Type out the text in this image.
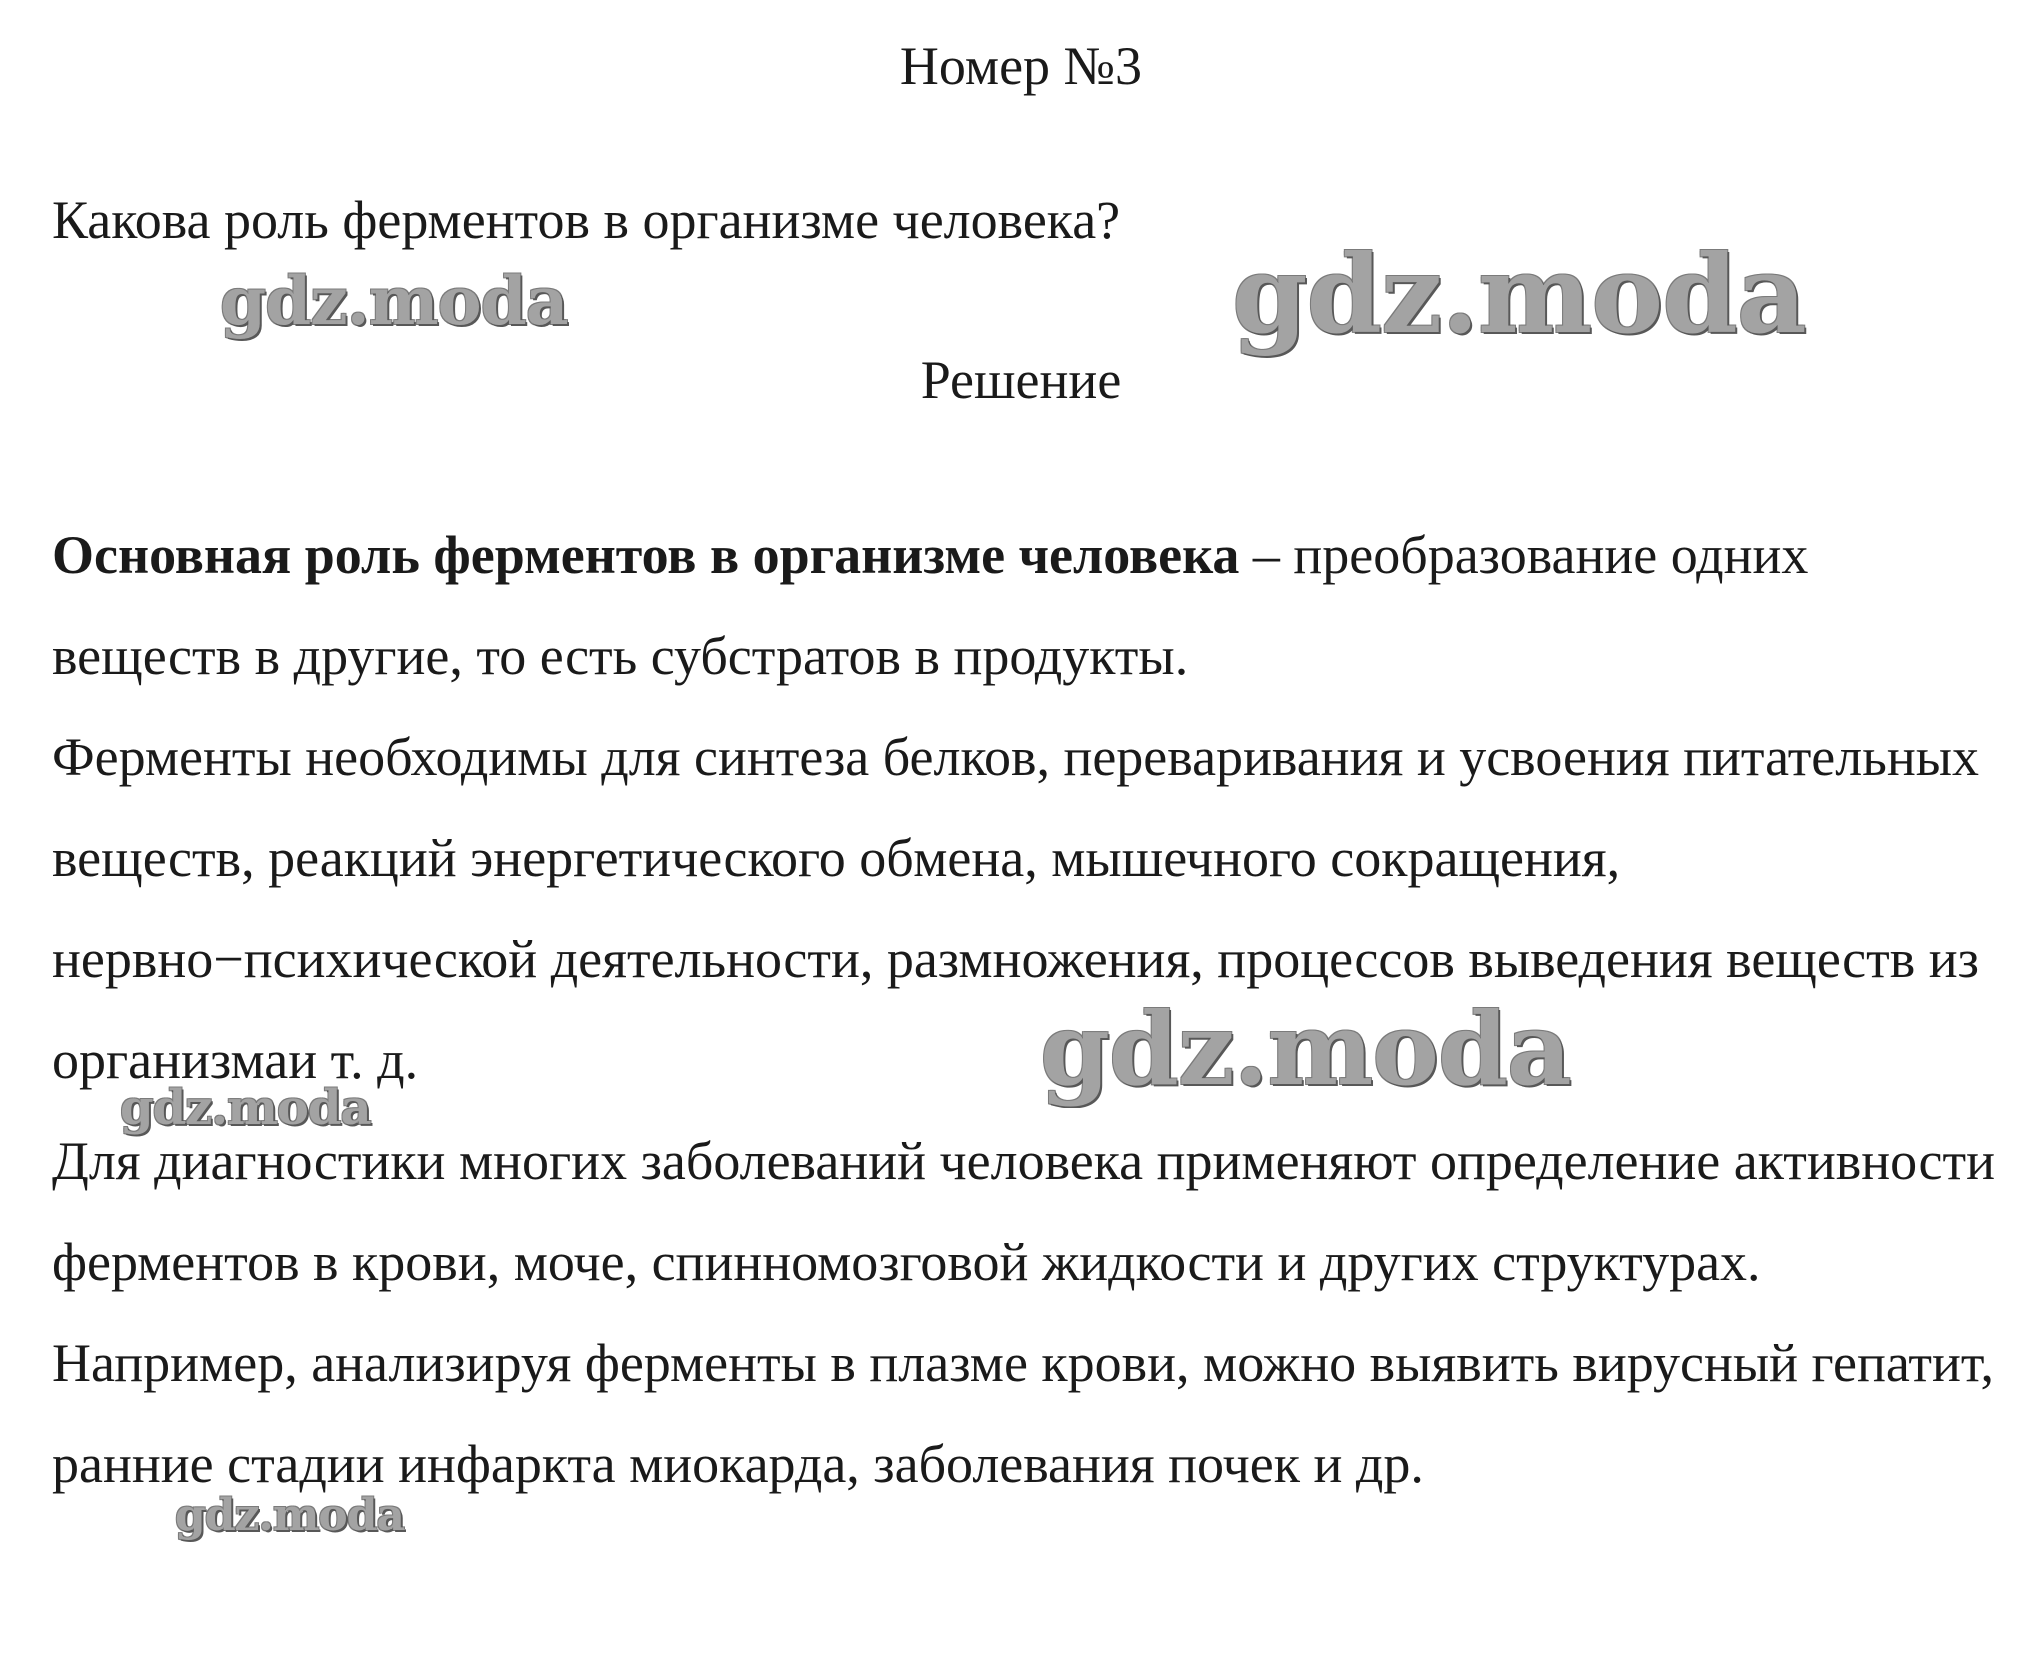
Номер №3

Какова роль ферментов в организме человека?

Решение

Основная роль ферментов в организме человека – преобразование одних веществ в другие, то есть субстратов в продукты.

Ферменты необходимы для синтеза белков, переваривания и усвоения питательных веществ, реакций энергетического обмена, мышечного сокращения, нервно−психической деятельности, размножения, процессов выведения веществ из организмаи т. д.

Для диагностики многих заболеваний человека применяют определение активности ферментов в крови, моче, спинномозговой жидкости и других структурах. Например, анализируя ферменты в плазме крови, можно выявить вирусный гепатит, ранние стадии инфаркта миокарда, заболевания почек и др.

gdz.moda	gdz.moda
gdz.moda
gdz.moda
gdz.moda
